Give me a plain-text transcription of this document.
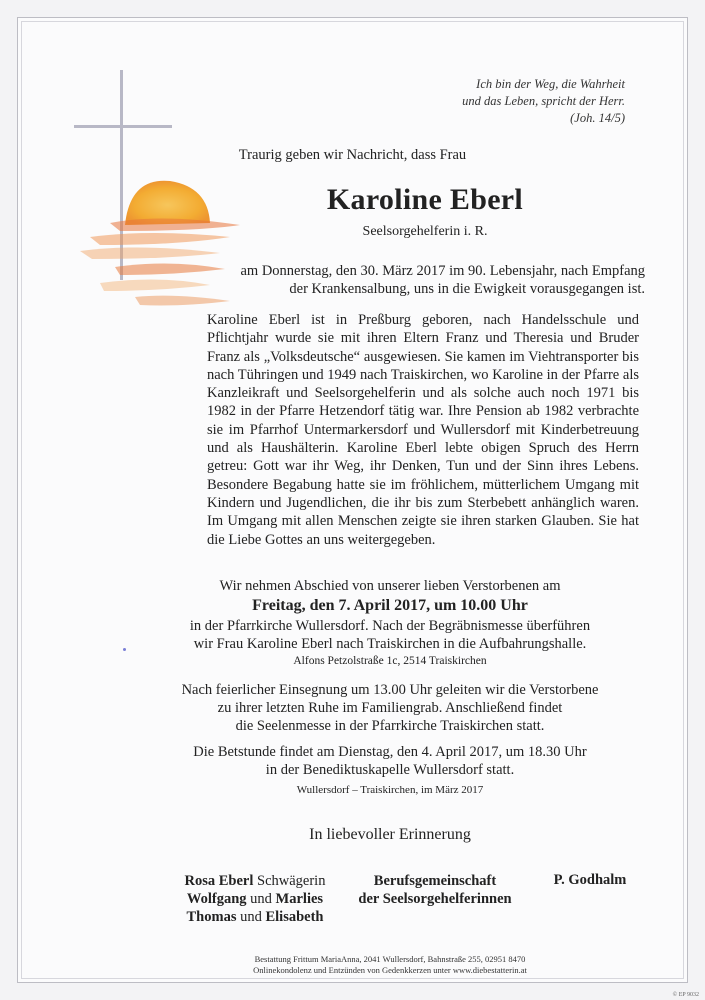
Ich bin der Weg, die Wahrheit
und das Leben, spricht der Herr.
(Joh. 14/5)
Traurig geben wir Nachricht, dass Frau
Karoline Eberl
Seelsorgehelferin i. R.
am Donnerstag, den 30. März 2017 im 90. Lebensjahr, nach Empfang
der Krankensalbung, uns in die Ewigkeit vorausgegangen ist.
Karoline Eberl ist in Preßburg geboren, nach Handelsschule und Pflichtjahr wurde sie mit ihren Eltern Franz und Theresia und Bruder Franz als „Volksdeutsche“ ausgewiesen. Sie kamen im Viehtransporter bis nach Tühringen und 1949 nach Traiskirchen, wo Karoline in der Pfarre als Kanzleikraft und Seelsorgehelferin und als solche auch noch 1971 bis 1982 in der Pfarre Hetzendorf tätig war. Ihre Pension ab 1982 verbrachte sie im Pfarrhof Untermarkersdorf und Wullersdorf mit Kinderbetreuung und als Haushälterin. Karoline Eberl lebte obigen Spruch des Herrn getreu: Gott war ihr Weg, ihr Denken, Tun und der Sinn ihres Lebens. Besondere Begabung hatte sie im fröhlichem, mütterlichem Umgang mit Kindern und Jugendlichen, die ihr bis zum Sterbebett anhänglich waren. Im Umgang mit allen Menschen zeigte sie ihren starken Glauben. Sie hat die Liebe Gottes an uns weitergegeben.
Wir nehmen Abschied von unserer lieben Verstorbenen am
Freitag, den 7. April 2017, um 10.00 Uhr
in der Pfarrkirche Wullersdorf. Nach der Begräbnismesse überführen
wir Frau Karoline Eberl nach Traiskirchen in die Aufbahrungshalle.
Alfons Petzolstraße 1c, 2514 Traiskirchen
Nach feierlicher Einsegnung um 13.00 Uhr geleiten wir die Verstorbene
zu ihrer letzten Ruhe im Familiengrab. Anschließend findet
die Seelenmesse in der Pfarrkirche Traiskirchen statt.
Die Betstunde findet am Dienstag, den 4. April 2017, um 18.30 Uhr
in der Benediktuskapelle Wullersdorf statt.
Wullersdorf – Traiskirchen, im März 2017
In liebevoller Erinnerung
Rosa Eberl Schwägerin
Wolfgang und Marlies
Thomas und Elisabeth
Berufsgemeinschaft
der Seelsorgehelferinnen
P. Godhalm
Bestattung Frittum MariaAnna, 2041 Wullersdorf, Bahnstraße 255, 02951 8470
Onlinekondolenz und Entzünden von Gedenkkerzen unter www.diebestatterin.at
© EP 9032
